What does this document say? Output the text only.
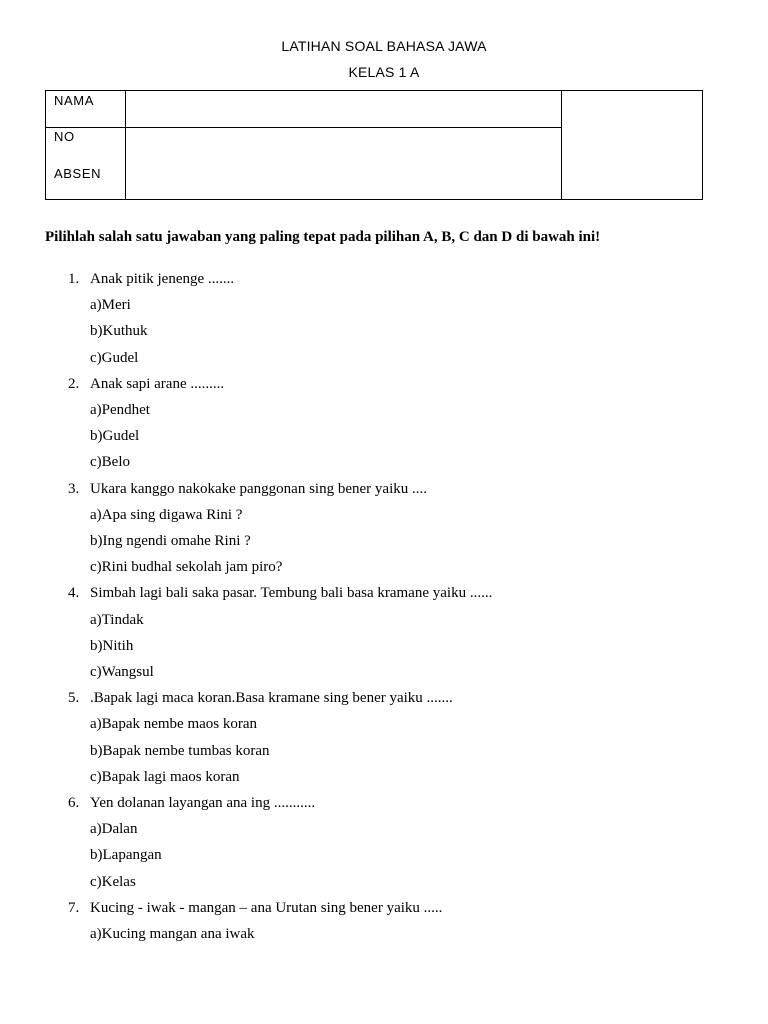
LATIHAN SOAL BAHASA JAWA
KELAS 1 A
NAMA
NO
ABSEN
Pilihlah salah satu jawaban yang paling tepat pada pilihan A, B, C dan D di bawah ini!
1. Anak pitik jenenge .......
a)Meri
b)Kuthuk
c)Gudel
2. Anak sapi arane .........
a)Pendhet
b)Gudel
c)Belo
3. Ukara kanggo nakokake panggonan sing bener yaiku ....
a)Apa sing digawa Rini ?
b)Ing ngendi omahe Rini ?
c)Rini budhal sekolah jam piro?
4. Simbah lagi bali saka pasar. Tembung bali basa kramane yaiku ......
a)Tindak
b)Nitih
c)Wangsul
5. .Bapak lagi maca koran.Basa kramane sing bener yaiku .......
a)Bapak nembe maos koran
b)Bapak nembe tumbas koran
c)Bapak lagi maos koran
6. Yen dolanan layangan ana ing ...........
a)Dalan
b)Lapangan
c)Kelas
7. Kucing - iwak - mangan – ana Urutan sing bener yaiku .....
a)Kucing mangan ana iwak
